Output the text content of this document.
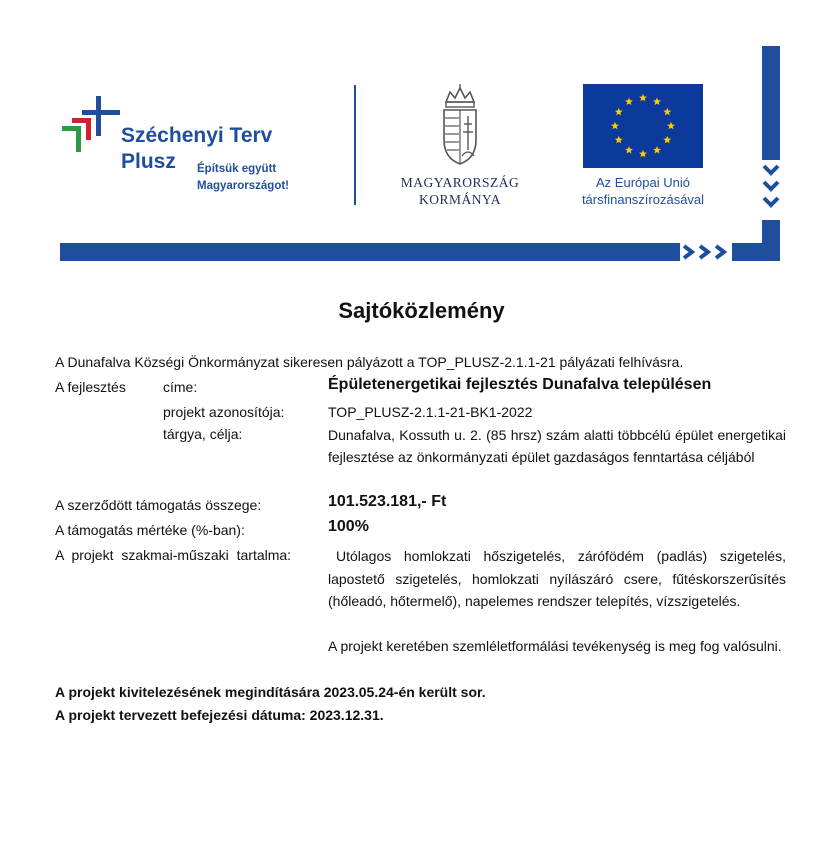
Széchenyi Terv
Plusz Építsük együtt
Magyarországot!	MAGYARORSZÁG
KORMÁNYA
Az Európai Unió
társfinanszírozásával
Sajtóközlemény
A Dunafalva Községi Önkormányzat sikeresen pályázott a TOP_PLUSZ-2.1.1-21 pályázati felhívásra.
A fejlesztés	címe:	Épületenergetikai fejlesztés Dunafalva településen
projekt azonosítója:	TOP_PLUSZ-2.1.1-21-BK1-2022
tárgya, célja:	Dunafalva, Kossuth u. 2. (85 hrsz) szám alatti többcélú épület energetikai fejlesztése az önkormányzati épület gazdaságos fenntartása céljából
A szerződött támogatás összege:	101.523.181,- Ft
A támogatás mértéke (%-ban):	100%
A projekt szakmai-műszaki tartalma:	Utólagos homlokzati hőszigetelés, zárófödém (padlás) szigetelés, lapostető szigetelés, homlokzati nyílászáró csere, fűtéskorszerűsítés (hőleadó, hőtermelő), napelemes rendszer telepítés, vízszigetelés.
A projekt keretében szemléletformálási tevékenység is meg fog valósulni.
A projekt kivitelezésének megindítására 2023.05.24-én került sor.
A projekt tervezett befejezési dátuma: 2023.12.31.
